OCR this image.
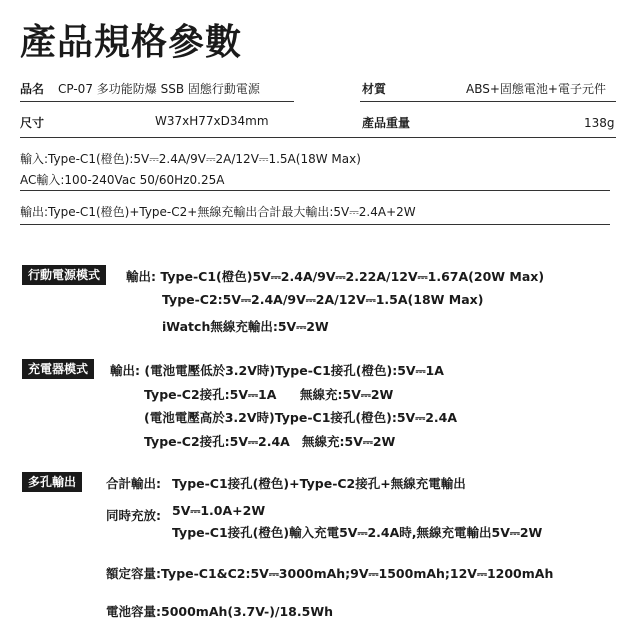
產品規格參數
品名 CP-07 多功能防爆 SSB 固態行動電源	材質	ABS+固態電池+電子元件
尺寸	W37xH77xD34mm	產品重量	138g
輸入:Type-C1(橙色):5V⎓2.4A/9V⎓2A/12V⎓1.5A(18W Max)
AC輸入:100-240Vac 50/60Hz0.25A
輸出:Type-C1(橙色)+Type-C2+無線充輸出合計最大輸出:5V⎓2.4A+2W
行動電源模式	輸出: Type-C1(橙色)5V⎓2.4A/9V⎓2.22A/12V⎓1.67A(20W Max)
Type-C2:5V⎓2.4A/9V⎓2A/12V⎓1.5A(18W Max)
iWatch無線充輸出:5V⎓2W
充電器模式	輸出: (電池電壓低於3.2V時)Type-C1接孔(橙色):5V⎓1A
Type-C2接孔:5V⎓1A 無線充:5V⎓2W
(電池電壓高於3.2V時)Type-C1接孔(橙色):5V⎓2.4A
Type-C2接孔:5V⎓2.4A 無線充:5V⎓2W
多孔輸出	合計輸出: Type-C1接孔(橙色)+Type-C2接孔+無線充電輸出
同時充放: 5V⎓1.0A+2W
Type-C1接孔(橙色)輸入充電5V⎓2.4A時,無線充電輸出5V⎓2W
額定容量:Type-C1&C2:5V⎓3000mAh;9V⎓1500mAh;12V⎓1200mAh
電池容量:5000mAh(3.7V-)/18.5Wh
